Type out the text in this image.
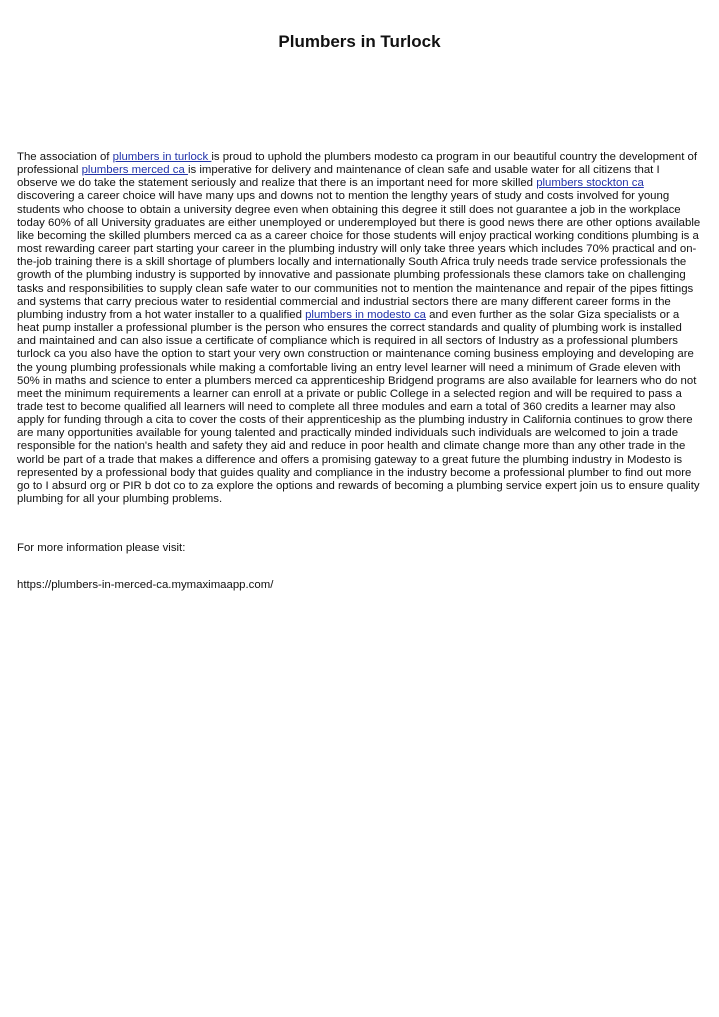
Plumbers in Turlock

The association of plumbers in turlock is proud to uphold the plumbers modesto ca program in our beautiful country the development of professional plumbers merced ca is imperative for delivery and maintenance of clean safe and usable water for all citizens that I observe we do take the statement seriously and realize that there is an important need for more skilled plumbers stockton ca discovering a career choice will have many ups and downs not to mention the lengthy years of study and costs involved for young students who choose to obtain a university degree even when obtaining this degree it still does not guarantee a job in the workplace today 60% of all University graduates are either unemployed or underemployed but there is good news there are other options available like becoming the skilled plumbers merced ca as a career choice for those students will enjoy practical working conditions plumbing is a most rewarding career part starting your career in the plumbing industry will only take three years which includes 70% practical and on-the-job training there is a skill shortage of plumbers locally and internationally South Africa truly needs trade service professionals the growth of the plumbing industry is supported by innovative and passionate plumbing professionals these clamors take on challenging tasks and responsibilities to supply clean safe water to our communities not to mention the maintenance and repair of the pipes fittings and systems that carry precious water to residential commercial and industrial sectors there are many different career forms in the plumbing industry from a hot water installer to a qualified plumbers in modesto ca and even further as the solar Giza specialists or a heat pump installer a professional plumber is the person who ensures the correct standards and quality of plumbing work is installed and maintained and can also issue a certificate of compliance which is required in all sectors of Industry as a professional plumbers turlock ca you also have the option to start your very own construction or maintenance coming business employing and developing are the young plumbing professionals while making a comfortable living an entry level learner will need a minimum of Grade eleven with 50% in maths and science to enter a plumbers merced ca apprenticeship Bridgend programs are also available for learners who do not meet the minimum requirements a learner can enroll at a private or public College in a selected region and will be required to pass a trade test to become qualified all learners will need to complete all three modules and earn a total of 360 credits a learner may also apply for funding through a cita to cover the costs of their apprenticeship as the plumbing industry in California continues to grow there are many opportunities available for young talented and practically minded individuals such individuals are welcomed to join a trade responsible for the nation's health and safety they aid and reduce in poor health and climate change more than any other trade in the world be part of a trade that makes a difference and offers a promising gateway to a great future the plumbing industry in Modesto is represented by a professional body that guides quality and compliance in the industry become a professional plumber to find out more go to I absurd org or PIR b dot co to za explore the options and rewards of becoming a plumbing service expert join us to ensure quality plumbing for all your plumbing problems.

For more information please visit:

https://plumbers-in-merced-ca.mymaximaapp.com/
